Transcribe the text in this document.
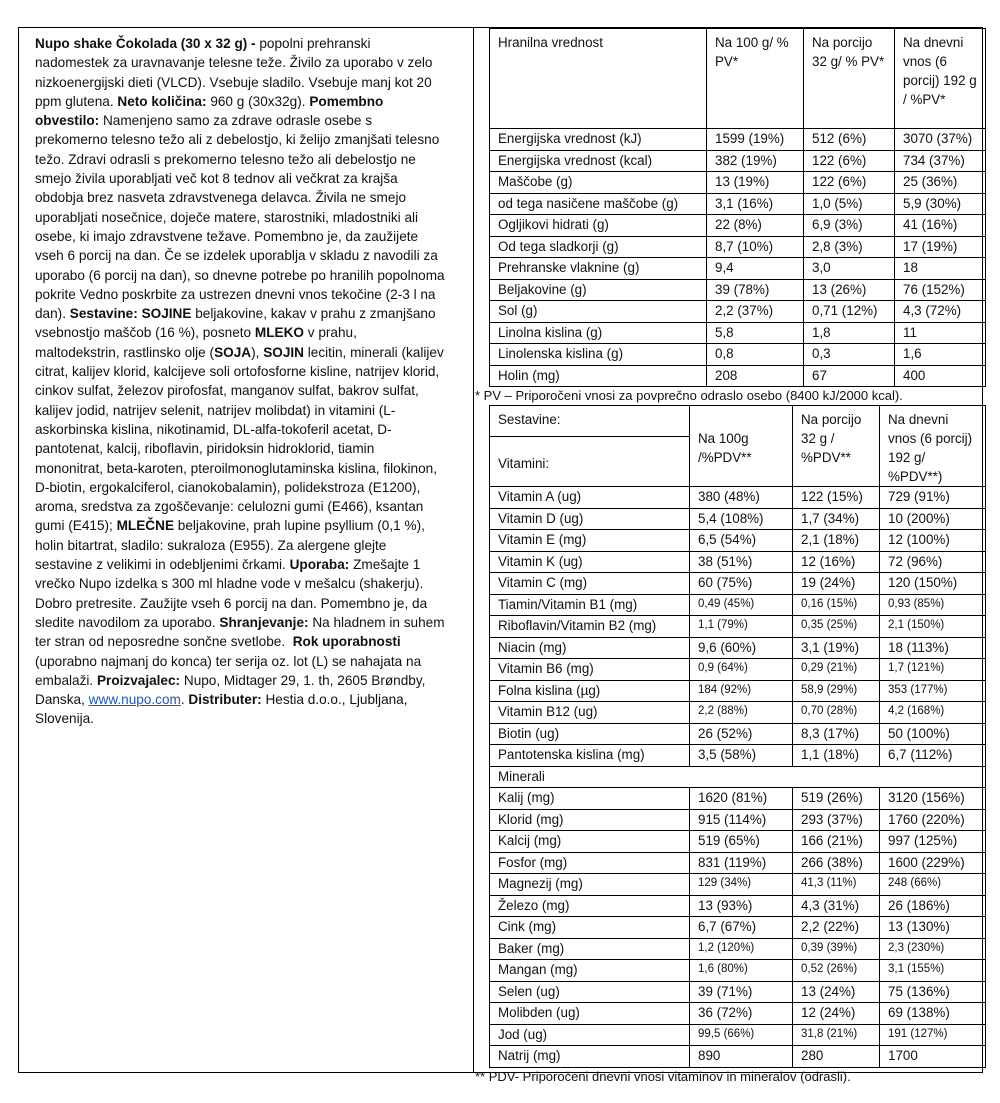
Nupo shake Čokolada (30 x 32 g) - popolni prehranski nadomestek za uravnavanje telesne teže. Živilo za uporabo v zelo nizkoenergijski dieti (VLCD). Vsebuje sladilo. Vsebuje manj kot 20 ppm glutena. Neto količina: 960 g (30x32g). Pomembno obvestilo: Namenjeno samo za zdrave odrasle osebe s prekomerno telesno težo ali z debelostjo, ki želijo zmanjšati telesno težo. Zdravi odrasli s prekomerno telesno težo ali debelostjo ne smejo živila uporabljati več kot 8 tednov ali večkrat za krajša obdobja brez nasveta zdravstvenega delavca. Živila ne smejo uporabljati nosečnice, doječe matere, starostniki, mladostniki ali osebe, ki imajo zdravstvene težave. Pomembno je, da zaužijete vseh 6 porcij na dan. Če se izdelek uporablja v skladu z navodili za uporabo (6 porcij na dan), so dnevne potrebe po hranilih popolnoma pokrite Vedno poskrbite za ustrezen dnevni vnos tekočine (2-3 l na dan). Sestavine: SOJINE beljakovine, kakav v prahu z zmanjšano vsebnostjo maščob (16 %), posneto MLEKO v prahu, maltodekstrin, rastlinsko olje (SOJA), SOJIN lecitin, minerali (kalijev citrat, kalijev klorid, kalcijeve soli ortofosforne kisline, natrijev klorid, cinkov sulfat, železov pirofosfat, manganov sulfat, bakrov sulfat, kalijev jodid, natrijev selenit, natrijev molibdat) in vitamini (L-askorbinska kislina, nikotinamid, DL-alfa-tokoferil acetat, D-pantotenat, kalcij, riboflavin, piridoksin hidroklorid, tiamin mononitrat, beta-karoten, pteroilmonoglutaminska kislina, filokinon, D-biotin, ergokalciferol, cianokobalamin), polidekstroza (E1200), aroma, sredstva za zgoščevanje: celulozni gumi (E466), ksantan gumi (E415); MLEČNE beljakovine, prah lupine psyllium (0,1 %), holin bitartrat, sladilo: sukraloza (E955). Za alergene glejte sestavine z velikimi in odebljenimi črkami. Uporaba: Zmešajte 1 vrečko Nupo izdelka s 300 ml hladne vode v mešalcu (shakerju). Dobro pretresite. Zaužijte vseh 6 porcij na dan. Pomembno je, da sledite navodilom za uporabo. Shranjevanje: Na hladnem in suhem ter stran od neposredne sončne svetlobe. Rok uporabnosti (uporabno najmanj do konca) ter serija oz. lot (L) se nahajata na embalaži. Proizvajalec: Nupo, Midtager 29, 1. th, 2605 Brøndby, Danska, www.nupo.com. Distributer: Hestia d.o.o., Ljubljana, Slovenija.
Hranilna vrednost	Na 100 g/ % PV*	Na porcijo 32 g/ % PV*	Na dnevni vnos (6 porcij) 192 g / %PV*
Energijska vrednost (kJ)	1599 (19%)	512 (6%)	3070 (37%)
Energijska vrednost (kcal)	382 (19%)	122 (6%)	734 (37%)
Maščobe (g)	13 (19%)	122 (6%)	25 (36%)
od tega nasičene maščobe (g)	3,1 (16%)	1,0 (5%)	5,9 (30%)
Ogljikovi hidrati (g)	22 (8%)	6,9 (3%)	41 (16%)
Od tega sladkorji (g)	8,7 (10%)	2,8 (3%)	17 (19%)
Prehranske vlaknine (g)	9,4	3,0	18
Beljakovine (g)	39 (78%)	13 (26%)	76 (152%)
Sol (g)	2,2 (37%)	0,71 (12%)	4,3 (72%)
Linolna kislina (g)	5,8	1,8	11
Linolenska kislina (g)	0,8	0,3	1,6
Holin (mg)	208	67	400
* PV – Priporočeni vnosi za povprečno odraslo osebo (8400 kJ/2000 kcal).
Sestavine:	Na 100g /%PDV**	Na porcijo 32 g / %PDV**	Na dnevni vnos (6 porcij) 192 g/ %PDV**)
Vitamini:			
Vitamin A (ug)	380 (48%)	122 (15%)	729 (91%)
Vitamin D (ug)	5,4 (108%)	1,7 (34%)	10 (200%)
Vitamin E (mg)	6,5 (54%)	2,1 (18%)	12 (100%)
Vitamin K (ug)	38 (51%)	12 (16%)	72 (96%)
Vitamin C (mg)	60 (75%)	19 (24%)	120 (150%)
Tiamin/Vitamin B1 (mg)	0,49 (45%)	0,16 (15%)	0,93 (85%)
Riboflavin/Vitamin B2 (mg)	1,1 (79%)	0,35 (25%)	2,1 (150%)
Niacin (mg)	9,6 (60%)	3,1 (19%)	18 (113%)
Vitamin B6 (mg)	0,9 (64%)	0,29 (21%)	1,7 (121%)
Folna kislina (µg)	184 (92%)	58,9 (29%)	353 (177%)
Vitamin B12 (ug)	2,2 (88%)	0,70 (28%)	4,2 (168%)
Biotin (ug)	26 (52%)	8,3 (17%)	50 (100%)
Pantotenska kislina (mg)	3,5 (58%)	1,1 (18%)	6,7 (112%)
Minerali			
Kalij (mg)	1620 (81%)	519 (26%)	3120 (156%)
Klorid (mg)	915 (114%)	293 (37%)	1760 (220%)
Kalcij (mg)	519 (65%)	166 (21%)	997 (125%)
Fosfor (mg)	831 (119%)	266 (38%)	1600 (229%)
Magnezij (mg)	129 (34%)	41,3 (11%)	248 (66%)
Železo (mg)	13 (93%)	4,3 (31%)	26 (186%)
Cink (mg)	6,7 (67%)	2,2 (22%)	13 (130%)
Baker (mg)	1,2 (120%)	0,39 (39%)	2,3 (230%)
Mangan (mg)	1,6 (80%)	0,52 (26%)	3,1 (155%)
Selen (ug)	39 (71%)	13 (24%)	75 (136%)
Molibden (ug)	36 (72%)	12 (24%)	69 (138%)
Jod (ug)	99,5 (66%)	31,8 (21%)	191 (127%)
Natrij (mg)	890	280	1700
** PDV- Priporočeni dnevni vnosi vitaminov in mineralov (odrasli).
